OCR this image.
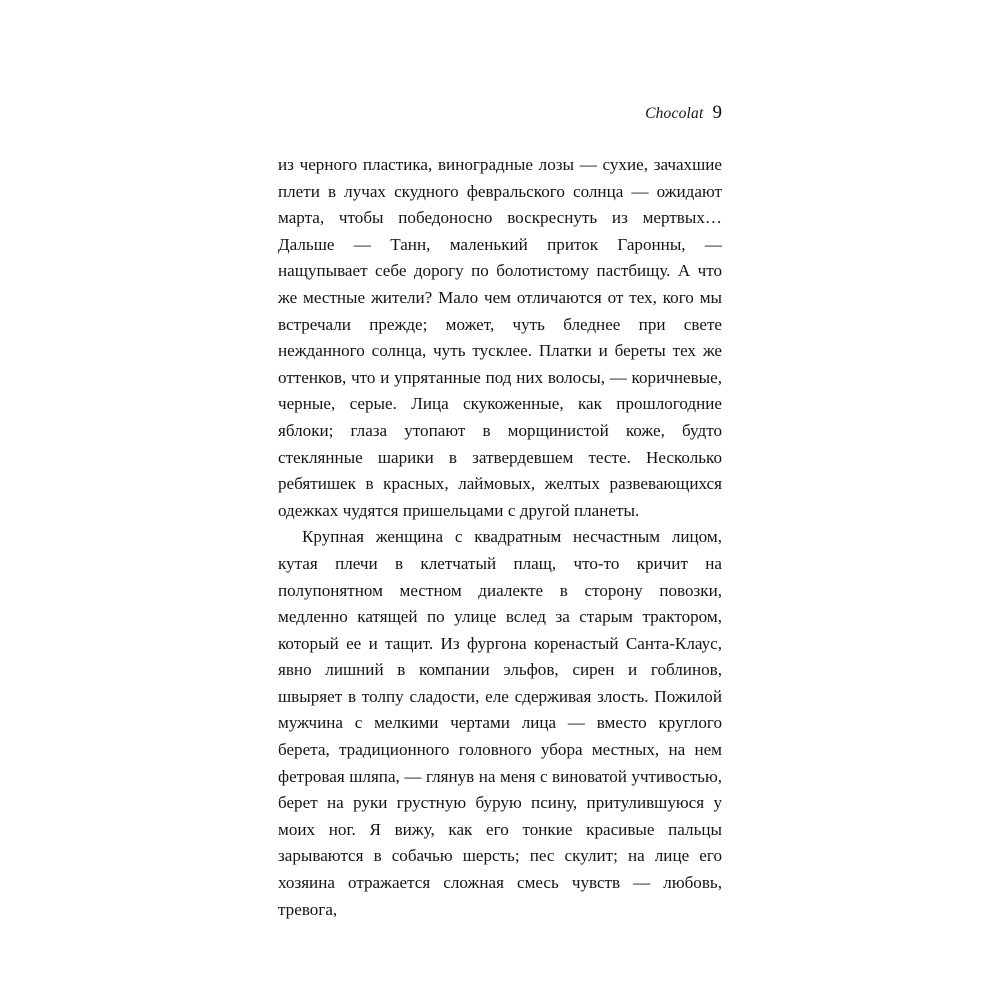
Chocolat 9

из черного пластика, виноградные лозы — сухие, зачахшие плети в лучах скудного февральского солнца — ожидают марта, чтобы победоносно воскреснуть из мертвых… Дальше — Танн, маленький приток Гаронны, — нащупывает себе дорогу по болотистому пастбищу. А что же местные жители? Мало чем отличаются от тех, кого мы встречали прежде; может, чуть бледнее при свете нежданного солнца, чуть тусклее. Платки и береты тех же оттенков, что и упрятанные под них волосы, — коричневые, черные, серые. Лица скукоженные, как прошлогодние яблоки; глаза утопают в морщинистой коже, будто стеклянные шарики в затвердевшем тесте. Несколько ребятишек в красных, лаймовых, желтых развевающихся одежках чудятся пришельцами с другой планеты.

Крупная женщина с квадратным несчастным лицом, кутая плечи в клетчатый плащ, что-то кричит на полупонятном местном диалекте в сторону повозки, медленно катящей по улице вслед за старым трактором, который ее и тащит. Из фургона коренастый Санта-Клаус, явно лишний в компании эльфов, сирен и гоблинов, швыряет в толпу сладости, еле сдерживая злость. Пожилой мужчина с мелкими чертами лица — вместо круглого берета, традиционного головного убора местных, на нем фетровая шляпа, — глянув на меня с виноватой учтивостью, берет на руки грустную бурую псину, притулившуюся у моих ног. Я вижу, как его тонкие красивые пальцы зарываются в собачью шерсть; пес скулит; на лице его хозяина отражается сложная смесь чувств — любовь, тревога,
